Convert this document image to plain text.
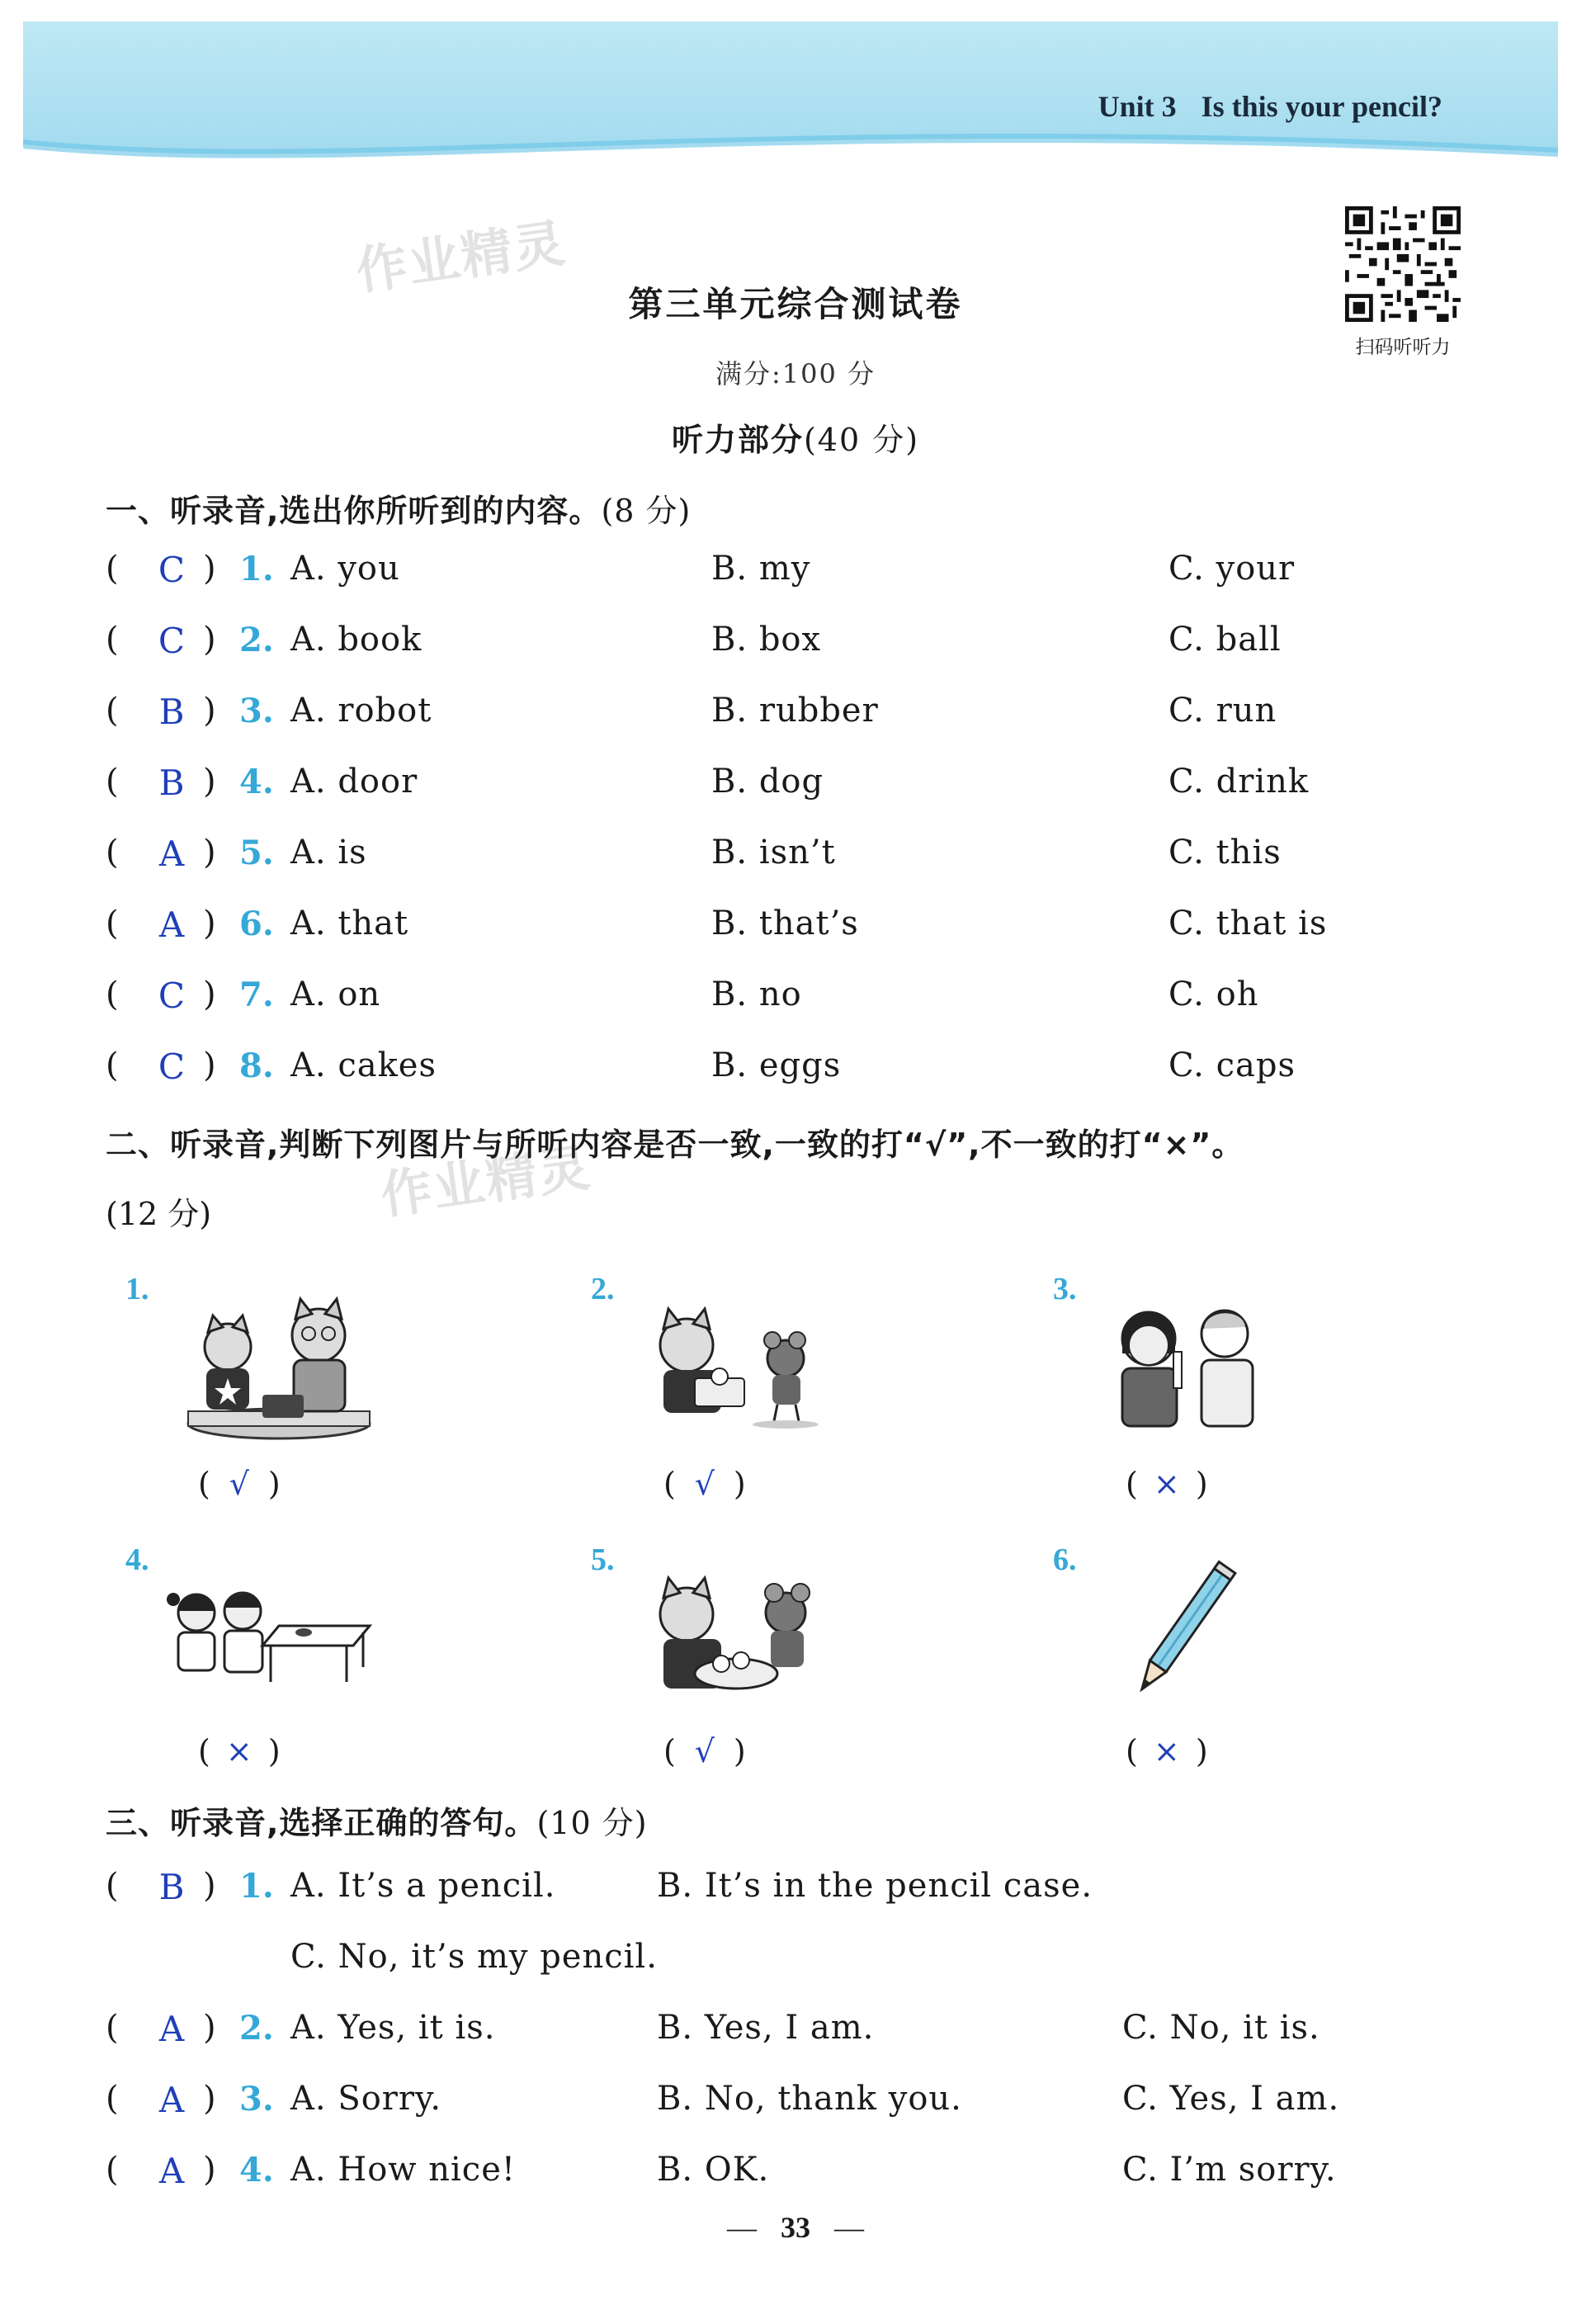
Unit 3 Is this your pencil?
作业精灵
作业精灵
扫码听听力
第三单元综合测试卷
满分:100 分
听力部分(40 分)
一、听录音,选出你所听到的内容。(8 分)
(	C ) 1. A. you	B. my	C. your
(	C ) 2. A. book	B. box	C. ball
(	B ) 3. A. robot	B. rubber	C. run
(	B ) 4. A. door	B. dog	C. drink
(	A ) 5. A. is	B. isn’t	C. this
(	A ) 6. A. that	B. that’s	C. that is
(	C ) 7. A. on	B. no	C. oh
(	C ) 8. A. cakes	B. eggs	C. caps
二、听录音,判断下列图片与所听内容是否一致,一致的打“√”,不一致的打“×”。
(12 分)
1.
( √ )
2.
( √ )
3.
( × )
4.
( × )
5.
( √ )
6.
( × )
三、听录音,选择正确的答句。(10 分)
(	B ) 1. A. It’s a pencil.	B. It’s in the pencil case.
C. No, it’s my pencil.
(	A ) 2. A. Yes, it is.	B. Yes, I am.	C. No, it is.
(	A ) 3. A. Sorry.	B. No, thank you.	C. Yes, I am.
(	A ) 4. A. How nice!	B. OK.	C. I’m sorry.
— 33 —
